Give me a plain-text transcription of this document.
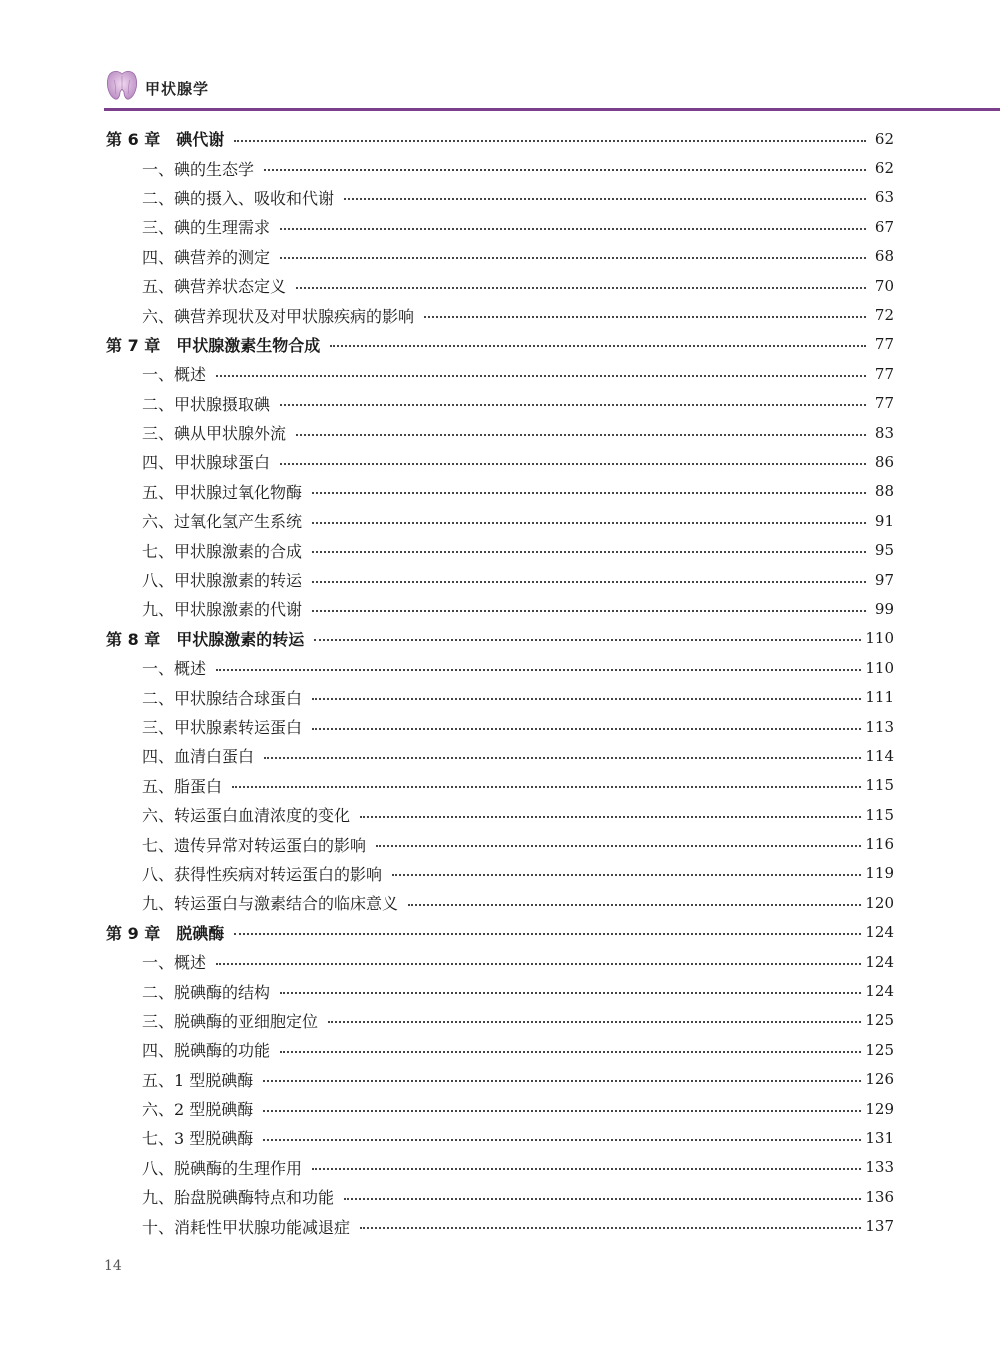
甲状腺学
第 6 章　碘代谢	62
一、碘的生态学	62
二、碘的摄入、吸收和代谢	63
三、碘的生理需求	67
四、碘营养的测定	68
五、碘营养状态定义	70
六、碘营养现状及对甲状腺疾病的影响	72
第 7 章　甲状腺激素生物合成	77
一、概述	77
二、甲状腺摄取碘	77
三、碘从甲状腺外流	83
四、甲状腺球蛋白	86
五、甲状腺过氧化物酶	88
六、过氧化氢产生系统	91
七、甲状腺激素的合成	95
八、甲状腺激素的转运	97
九、甲状腺激素的代谢	99
第 8 章　甲状腺激素的转运	110
一、概述	110
二、甲状腺结合球蛋白	111
三、甲状腺素转运蛋白	113
四、血清白蛋白	114
五、脂蛋白	115
六、转运蛋白血清浓度的变化	115
七、遗传异常对转运蛋白的影响	116
八、获得性疾病对转运蛋白的影响	119
九、转运蛋白与激素结合的临床意义	120
第 9 章　脱碘酶	124
一、概述	124
二、脱碘酶的结构	124
三、脱碘酶的亚细胞定位	125
四、脱碘酶的功能	125
五、1 型脱碘酶	126
六、2 型脱碘酶	129
七、3 型脱碘酶	131
八、脱碘酶的生理作用	133
九、胎盘脱碘酶特点和功能	136
十、消耗性甲状腺功能减退症	137
14
